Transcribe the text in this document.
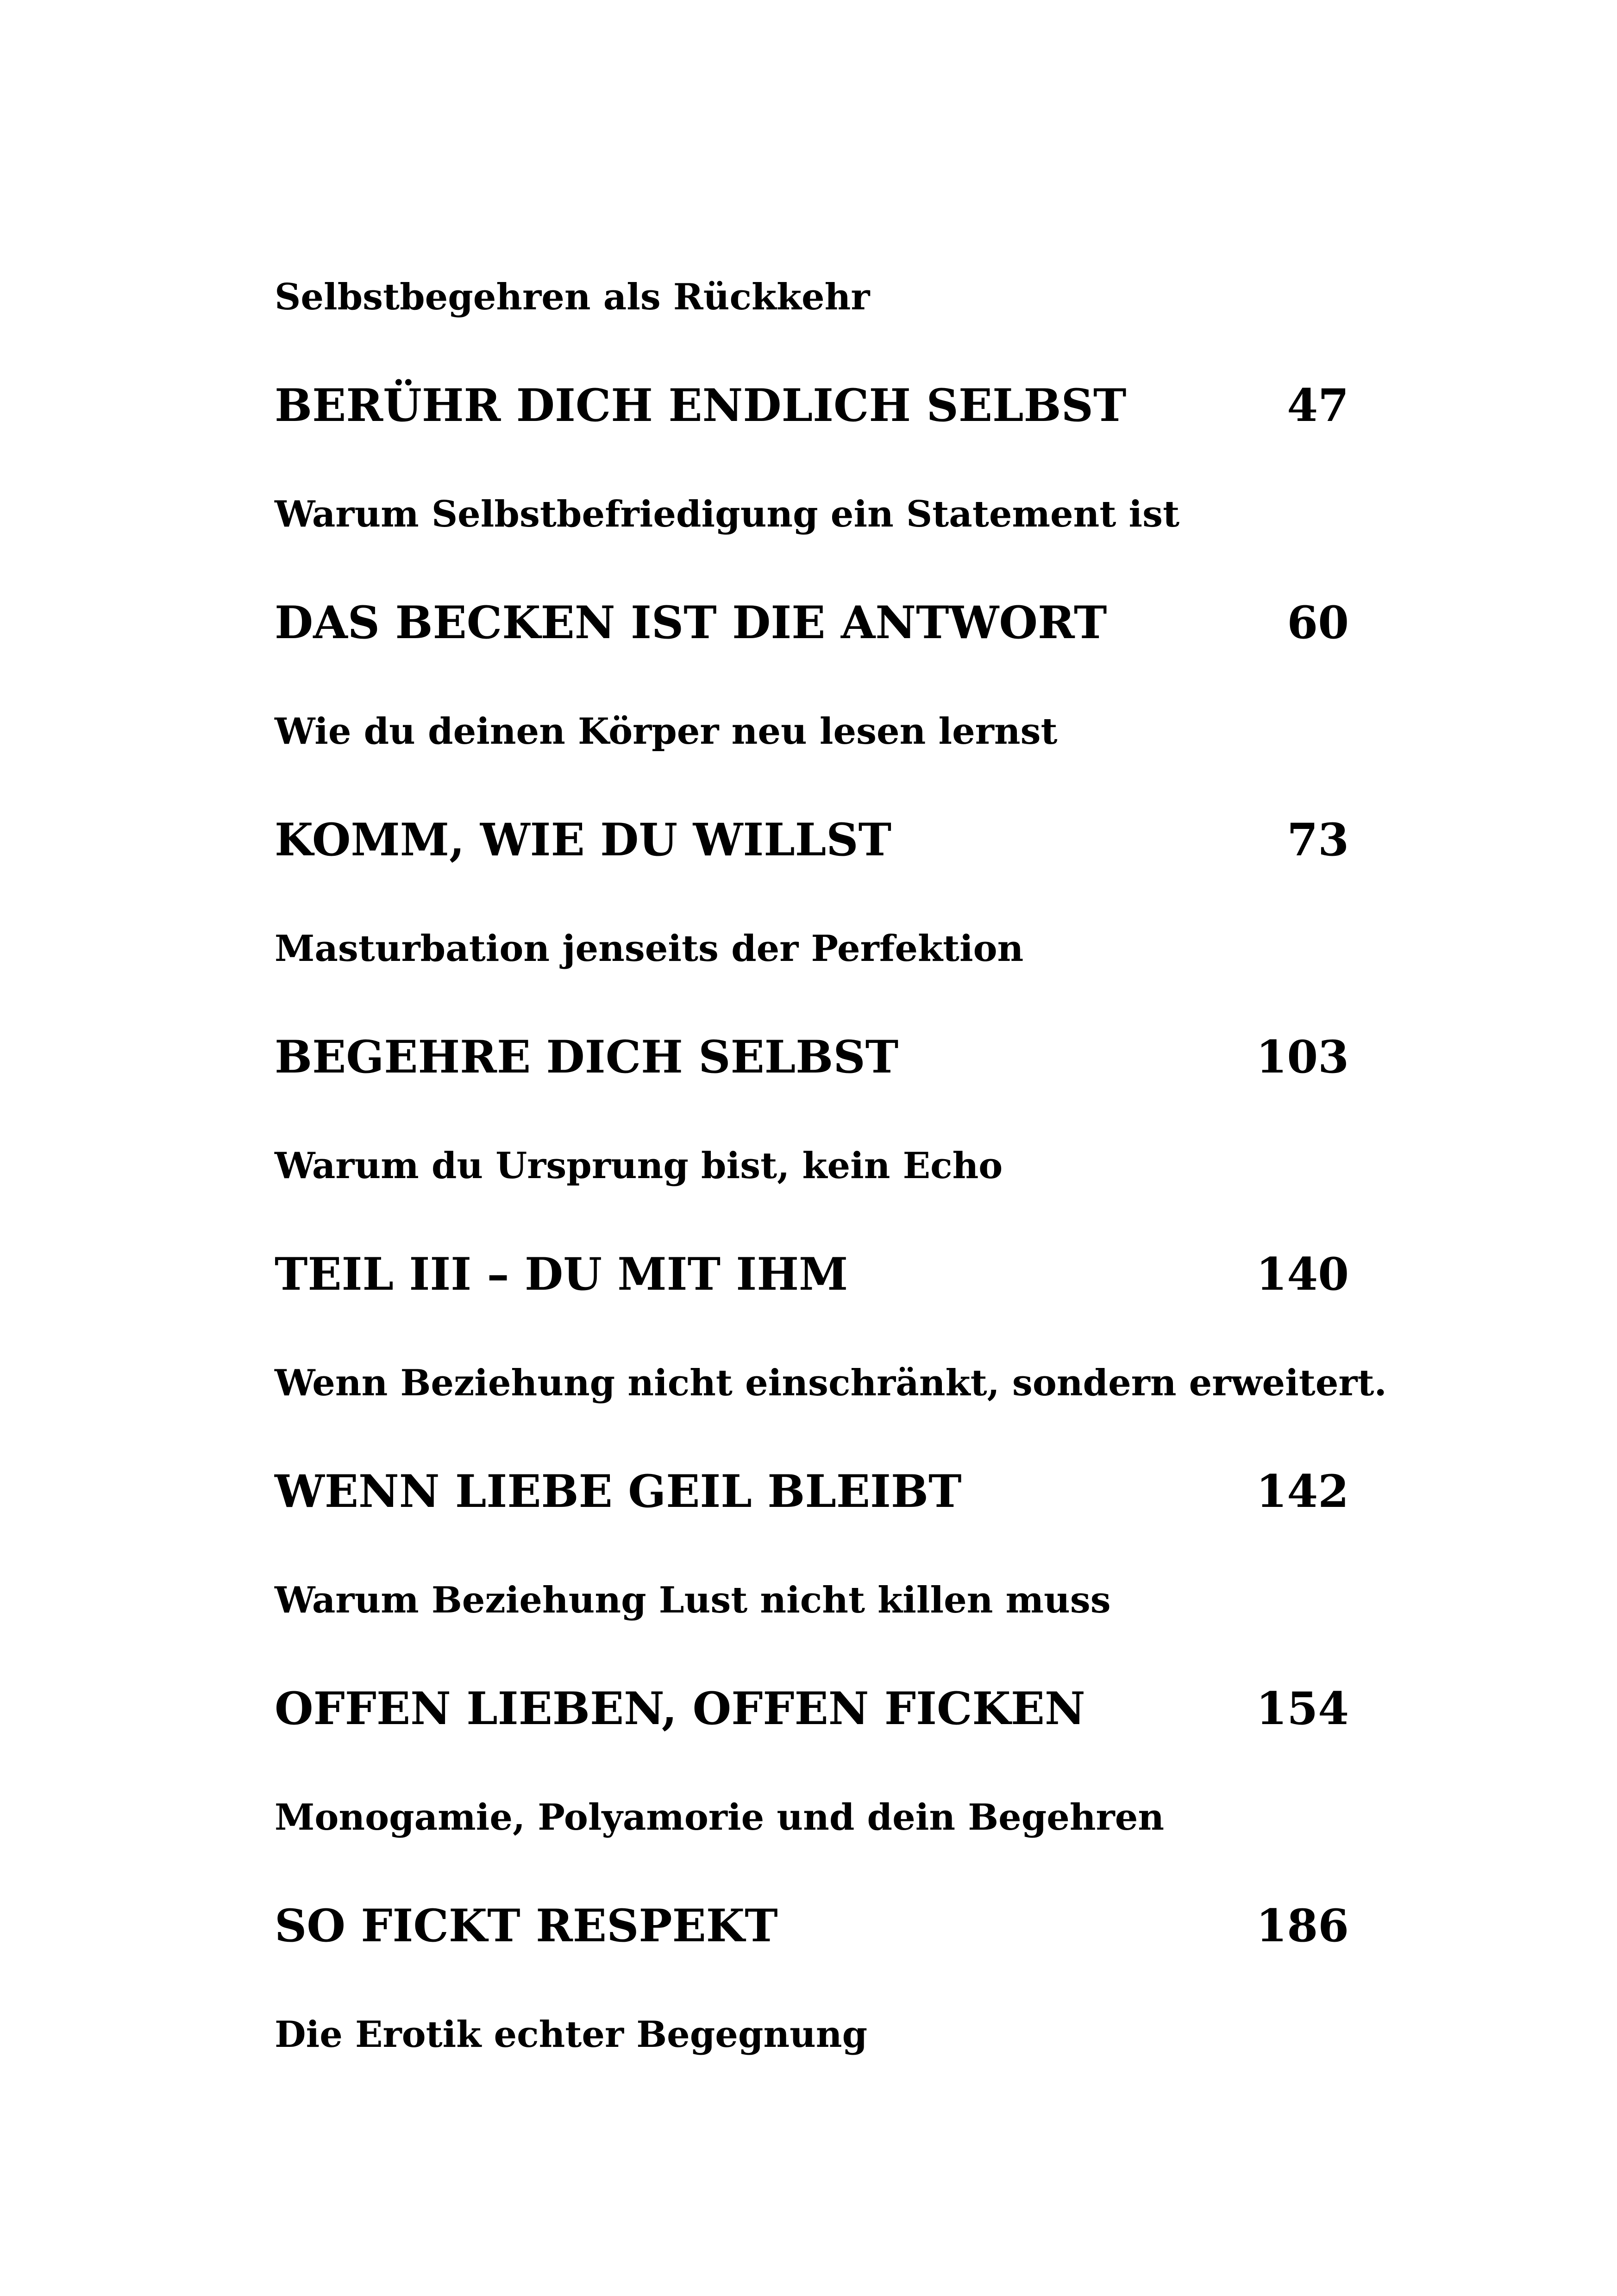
Selbstbegehren als Rückkehr
BERÜHR DICH ENDLICH SELBST	47
Warum Selbstbefriedigung ein Statement ist
DAS BECKEN IST DIE ANTWORT	60
Wie du deinen Körper neu lesen lernst
KOMM, WIE DU WILLST	73
Masturbation jenseits der Perfektion
BEGEHRE DICH SELBST	103
Warum du Ursprung bist, kein Echo
TEIL III – DU MIT IHM	140
Wenn Beziehung nicht einschränkt, sondern erweitert.
WENN LIEBE GEIL BLEIBT	142
Warum Beziehung Lust nicht killen muss
OFFEN LIEBEN, OFFEN FICKEN	154
Monogamie, Polyamorie und dein Begehren
SO FICKT RESPEKT	186
Die Erotik echter Begegnung
